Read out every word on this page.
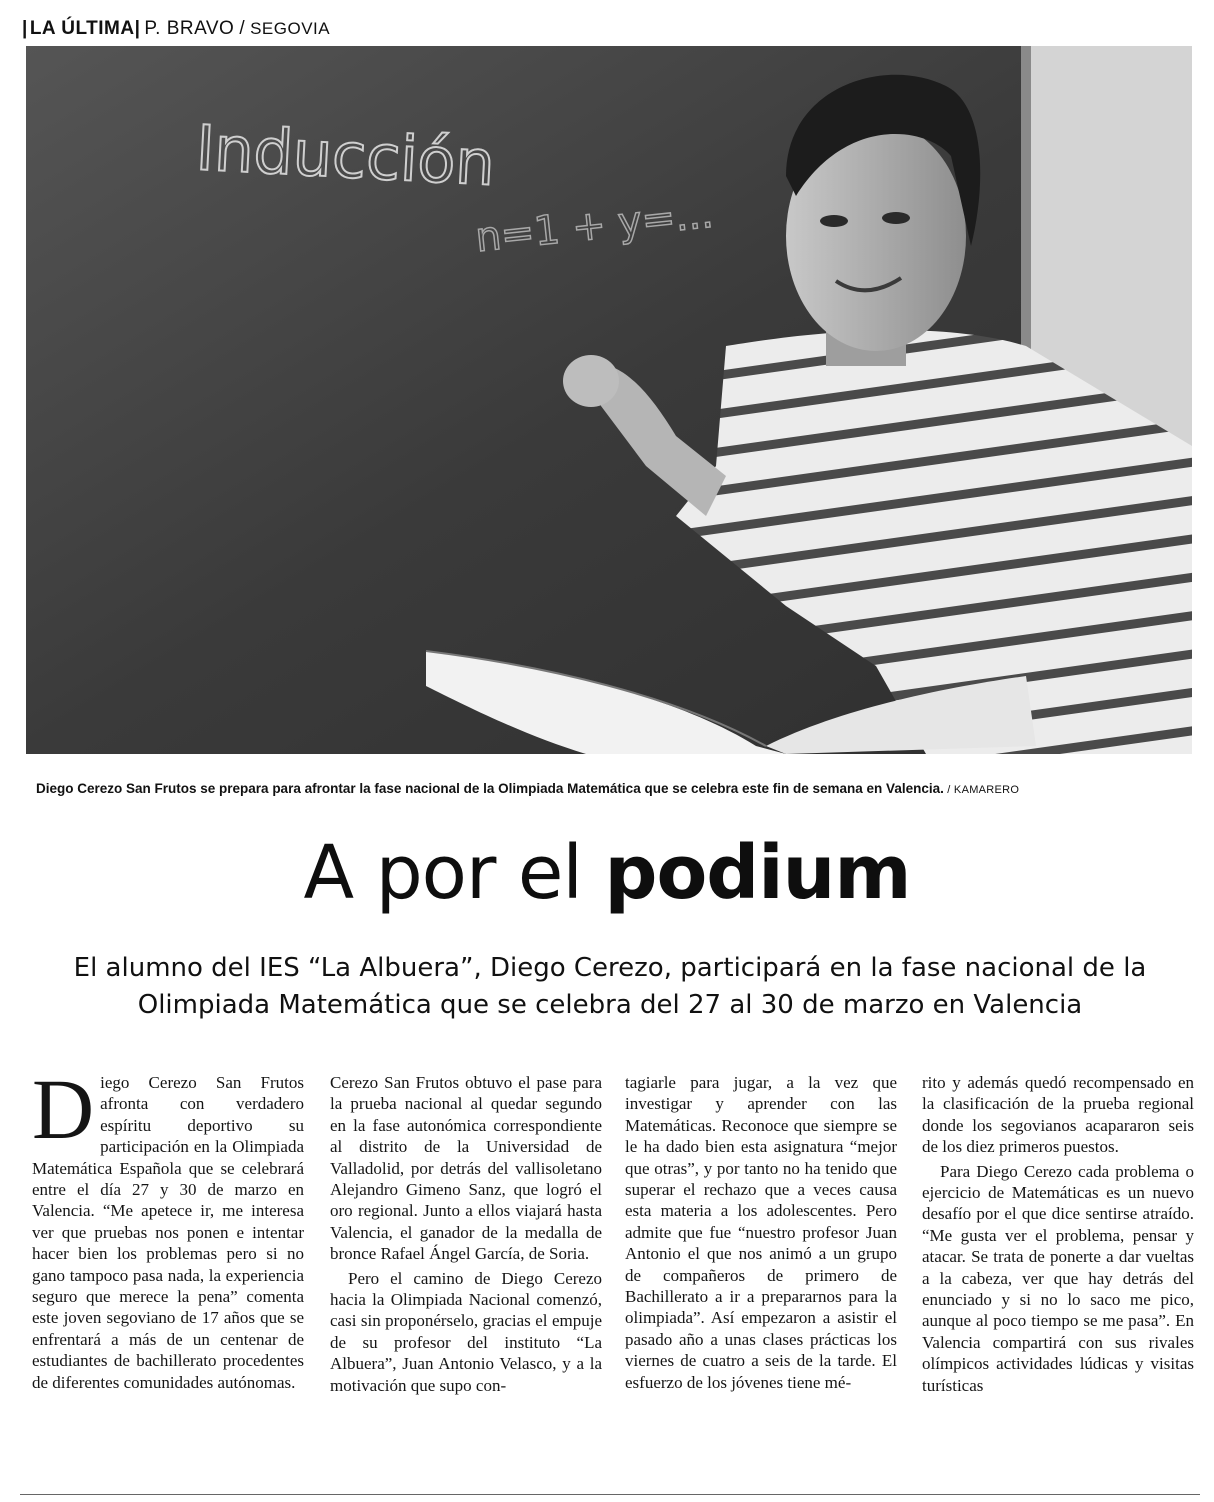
| LA ÚLTIMA | P. BRAVO / SEGOVIA
Inducción
n=1 + y=...
Diego Cerezo San Frutos se prepara para afrontar la fase nacional de la Olimpiada Matemática que se celebra este fin de semana en Valencia. / KAMARERO
A por el podium
El alumno del IES “La Albuera”, Diego Cerezo, participará en la fase nacional de la
Olimpiada Matemática que se celebra del 27 al 30 de marzo en Valencia
D iego Cerezo San Frutos afronta con verdadero espíritu deportivo su participación en la Olimpiada Matemática Española que se celebrará entre el día 27 y 30 de marzo en Valencia. “Me apetece ir, me interesa ver que pruebas nos ponen e intentar hacer bien los problemas pero si no gano tampoco pasa nada, la experiencia seguro que merece la pena” comenta este joven segoviano de 17 años que se enfrentará a más de un centenar de estudiantes de bachillerato procedentes de diferentes comunidades autónomas.

Cerezo San Frutos obtuvo el pase para la prueba nacional al quedar segundo en la fase autonómica correspondiente al distrito de la Universidad de Valladolid, por detrás del vallisoletano Alejandro Gimeno Sanz, que logró el oro regional. Junto a ellos viajará hasta Valencia, el ganador de la medalla de bronce Rafael Ángel García, de Soria.

Pero el camino de Diego Cerezo hacia la Olimpiada Nacional comenzó, casi sin proponérselo, gracias el empuje de su profesor del instituto “La Albuera”, Juan Antonio Velasco, y a la motivación que supo con-

tagiarle para jugar, a la vez que investigar y aprender con las Matemáticas. Reconoce que siempre se le ha dado bien esta asignatura “mejor que otras”, y por tanto no ha tenido que superar el rechazo que a veces causa esta materia a los adolescentes. Pero admite que fue “nuestro profesor Juan Antonio el que nos animó a un grupo de compañeros de primero de Bachillerato a ir a prepararnos para la olimpiada”. Así empezaron a asistir el pasado año a unas clases prácticas los viernes de cuatro a seis de la tarde. El esfuerzo de los jóvenes tiene mé-

rito y además quedó recompensado en la clasificación de la prueba regional donde los segovianos acapararon seis de los diez primeros puestos.

Para Diego Cerezo cada problema o ejercicio de Matemáticas es un nuevo desafío por el que dice sentirse atraído. “Me gusta ver el problema, pensar y atacar. Se trata de ponerte a dar vueltas a la cabeza, ver que hay detrás del enunciado y si no lo saco me pico, aunque al poco tiempo se me pasa”. En Valencia compartirá con sus rivales olímpicos actividades lúdicas y visitas turísticas
